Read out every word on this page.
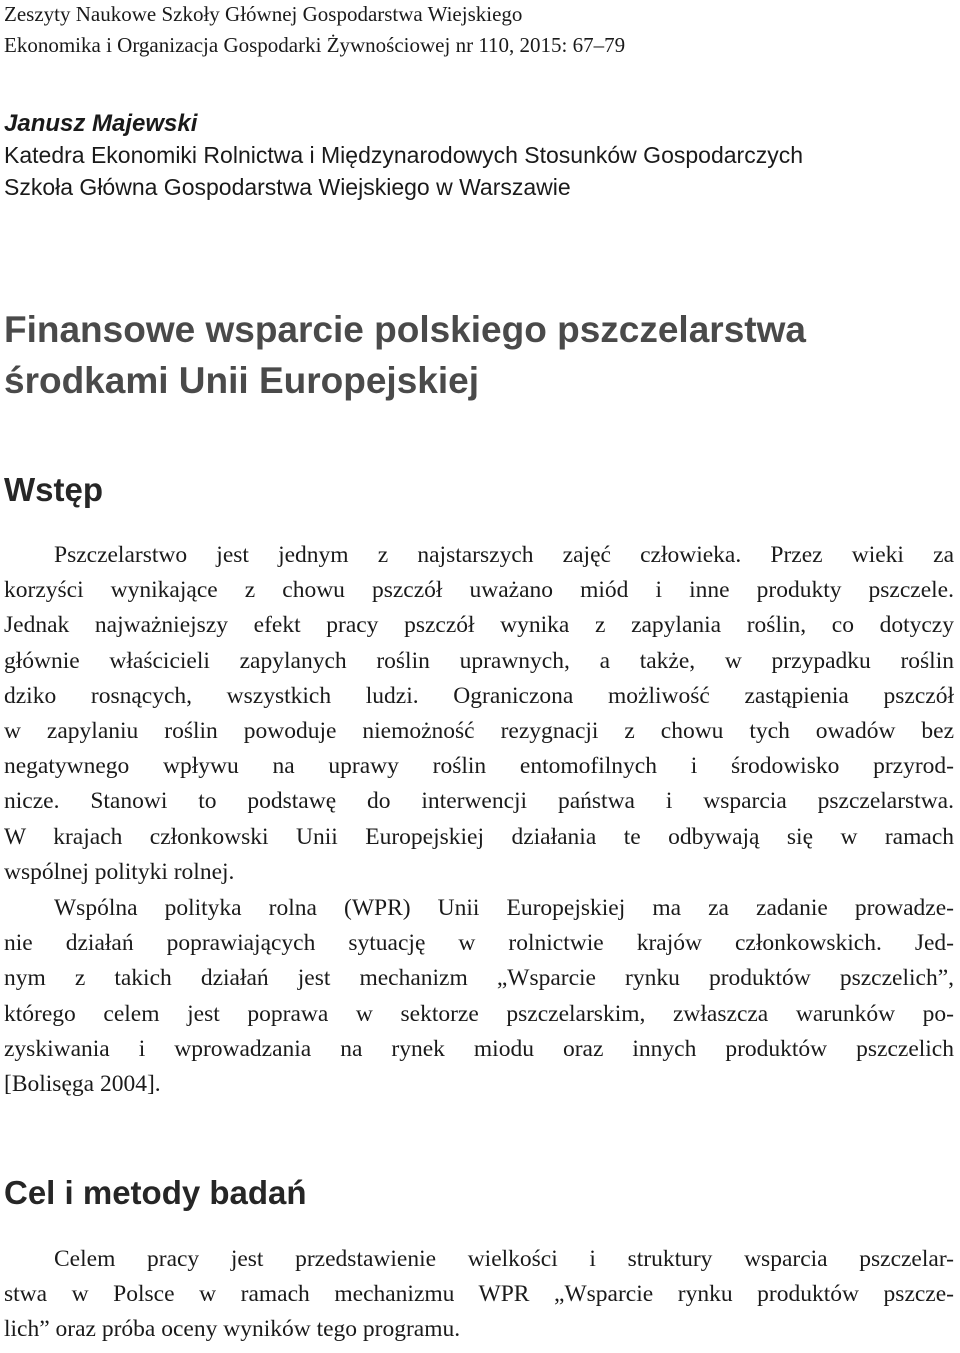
Zeszyty Naukowe Szkoły Głównej Gospodarstwa Wiejskiego
Ekonomika i Organizacja Gospodarki Żywnościowej nr 110, 2015: 67–79
Janusz Majewski
Katedra Ekonomiki Rolnictwa i Międzynarodowych Stosunków Gospodarczych
Szkoła Główna Gospodarstwa Wiejskiego w Warszawie
Finansowe wsparcie polskiego pszczelarstwa
środkami Unii Europejskiej
Wstęp
Pszczelarstwo jest jednym z najstarszych zajęć człowieka. Przez wieki za
korzyści wynikające z chowu pszczół uważano miód i inne produkty pszczele.
Jednak najważniejszy efekt pracy pszczół wynika z zapylania roślin, co dotyczy
głównie właścicieli zapylanych roślin uprawnych, a także, w przypadku roślin
dziko rosnących, wszystkich ludzi. Ograniczona możliwość zastąpienia pszczół
w zapylaniu roślin powoduje niemożność rezygnacji z chowu tych owadów bez
negatywnego wpływu na uprawy roślin entomofilnych i środowisko przyrod-
nicze. Stanowi to podstawę do interwencji państwa i wsparcia pszczelarstwa.
W krajach członkowski Unii Europejskiej działania te odbywają się w ramach
wspólnej polityki rolnej.
Wspólna polityka rolna (WPR) Unii Europejskiej ma za zadanie prowadze-
nie działań poprawiających sytuację w rolnictwie krajów członkowskich. Jed-
nym z takich działań jest mechanizm „Wsparcie rynku produktów pszczelich”,
którego celem jest poprawa w sektorze pszczelarskim, zwłaszcza warunków po-
zyskiwania i wprowadzania na rynek miodu oraz innych produktów pszczelich
[Bolisęga 2004].
Cel i metody badań
Celem pracy jest przedstawienie wielkości i struktury wsparcia pszczelar-
stwa w Polsce w ramach mechanizmu WPR „Wsparcie rynku produktów pszcze-
lich” oraz próba oceny wyników tego programu.
